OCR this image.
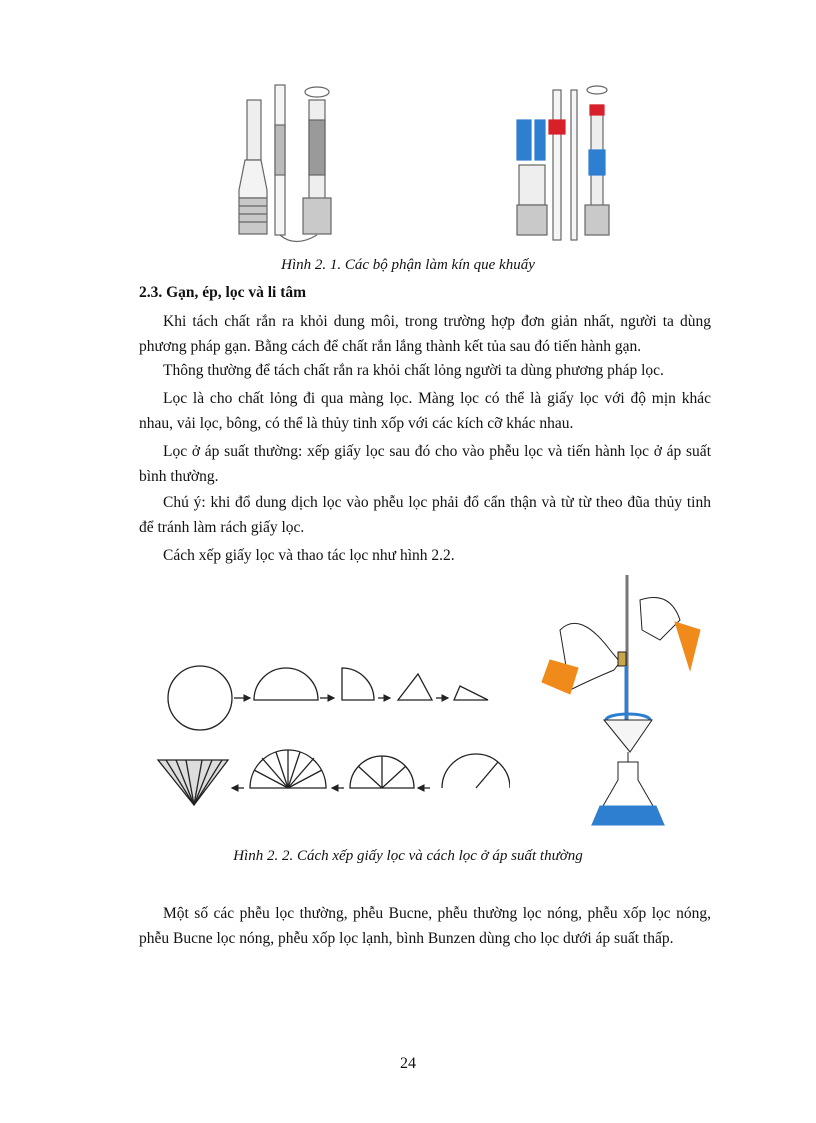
Hình 2. 1. Các bộ phận làm kín que khuấy
2.3. Gạn, ép, lọc và li tâm
Khi tách chất rắn ra khỏi dung môi, trong trường hợp đơn giản nhất, người ta dùng phương pháp gạn. Bằng cách để chất rắn lắng thành kết tủa sau đó tiến hành gạn.
Thông thường để tách chất rắn ra khỏi chất lỏng người ta dùng phương pháp lọc.
Lọc là cho chất lỏng đi qua màng lọc. Màng lọc có thể là giấy lọc với độ mịn khác nhau, vải lọc, bông, có thể là thủy tinh xốp với các kích cỡ khác nhau.
Lọc ở áp suất thường: xếp giấy lọc sau đó cho vào phễu lọc và tiến hành lọc ở áp suất bình thường.
Chú ý: khi đổ dung dịch lọc vào phễu lọc phải đổ cẩn thận và từ từ theo đũa thủy tinh để tránh làm rách giấy lọc.
Cách xếp giấy lọc và thao tác lọc như hình 2.2.
Hình 2. 2. Cách xếp giấy lọc và cách lọc ở áp suất thường
Một số các phễu lọc thường, phễu Bucne, phễu thường lọc nóng, phễu xốp lọc nóng, phễu Bucne lọc nóng, phễu xốp lọc lạnh, bình Bunzen dùng cho lọc dưới áp suất thấp.
24
